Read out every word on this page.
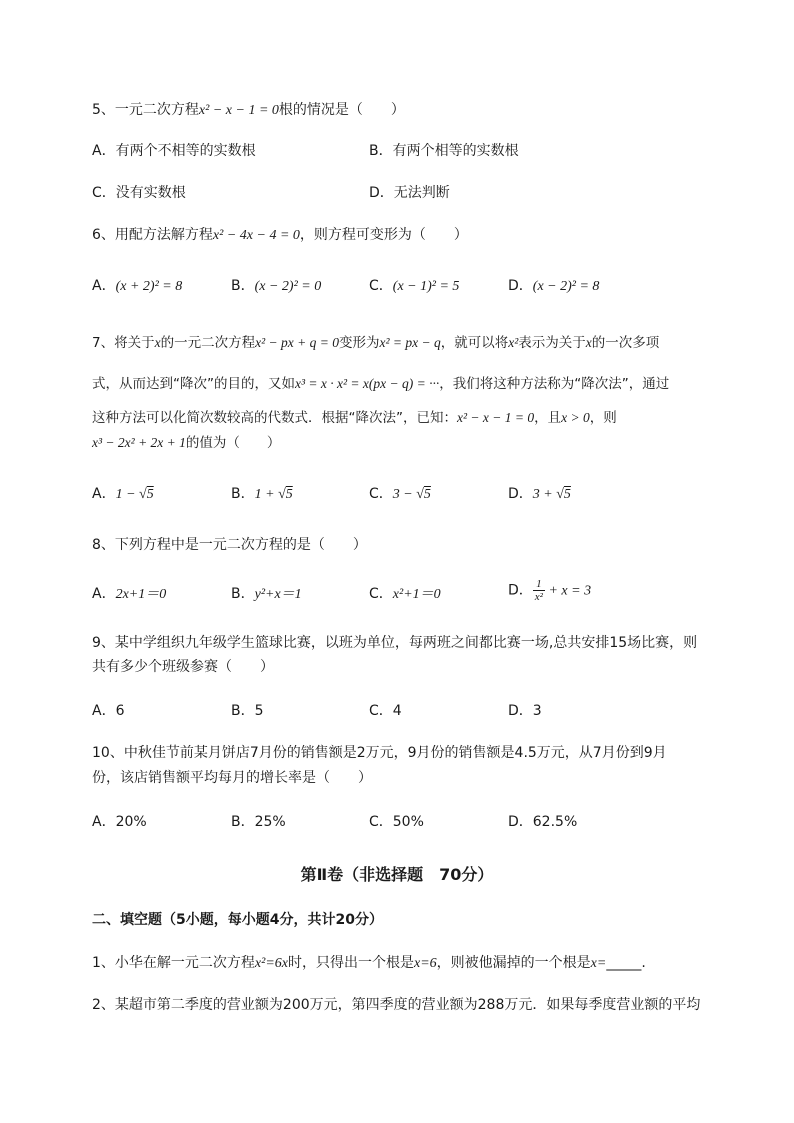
5、一元二次方程x² − x − 1 = 0根的情况是（　　）
A．有两个不相等的实数根	B．有两个相等的实数根
C．没有实数根	D．无法判断
6、用配方法解方程x² − 4x − 4 = 0，则方程可变形为（　　）
A．(x + 2)² = 8	B．(x − 2)² = 0	C．(x − 1)² = 5	D．(x − 2)² = 8
7、将关于x的一元二次方程x² − px + q = 0变形为x² = px − q，就可以将x²表示为关于x的一次多项
式，从而达到“降次”的目的，又如x³ = x · x² = x(px − q) = ···，我们将这种方法称为“降次法”，通过
这种方法可以化简次数较高的代数式．根据“降次法”，已知：x² − x − 1 = 0，且x > 0，则
x³ − 2x² + 2x + 1的值为（　　）
A．1 − √5	B．1 + √5	C．3 − √5	D．3 + √5
8、下列方程中是一元二次方程的是（　　）
A．2x+1＝0	B．y²+x＝1	C．x²+1＝0	D． $\frac{1}{\text{x²}} + x = 3$
9、某中学组织九年级学生篮球比赛，以班为单位，每两班之间都比赛一场,总共安排15场比赛，则
共有多少个班级参赛（　　）
A．6	B．5	C．4	D．3
10、中秋佳节前某月饼店7月份的销售额是2万元，9月份的销售额是4.5万元，从7月份到9月
份，该店销售额平均每月的增长率是（　　）
A．20%	B．25%	C．50%	D．62.5%
第Ⅱ卷（非选择题　70分）
二、填空题（5小题，每小题4分，共计20分）
1、小华在解一元二次方程x²=6x时，只得出一个根是x=6，则被他漏掉的一个根是x=_____.
2、某超市第二季度的营业额为200万元，第四季度的营业额为288万元．如果每季度营业额的平均
